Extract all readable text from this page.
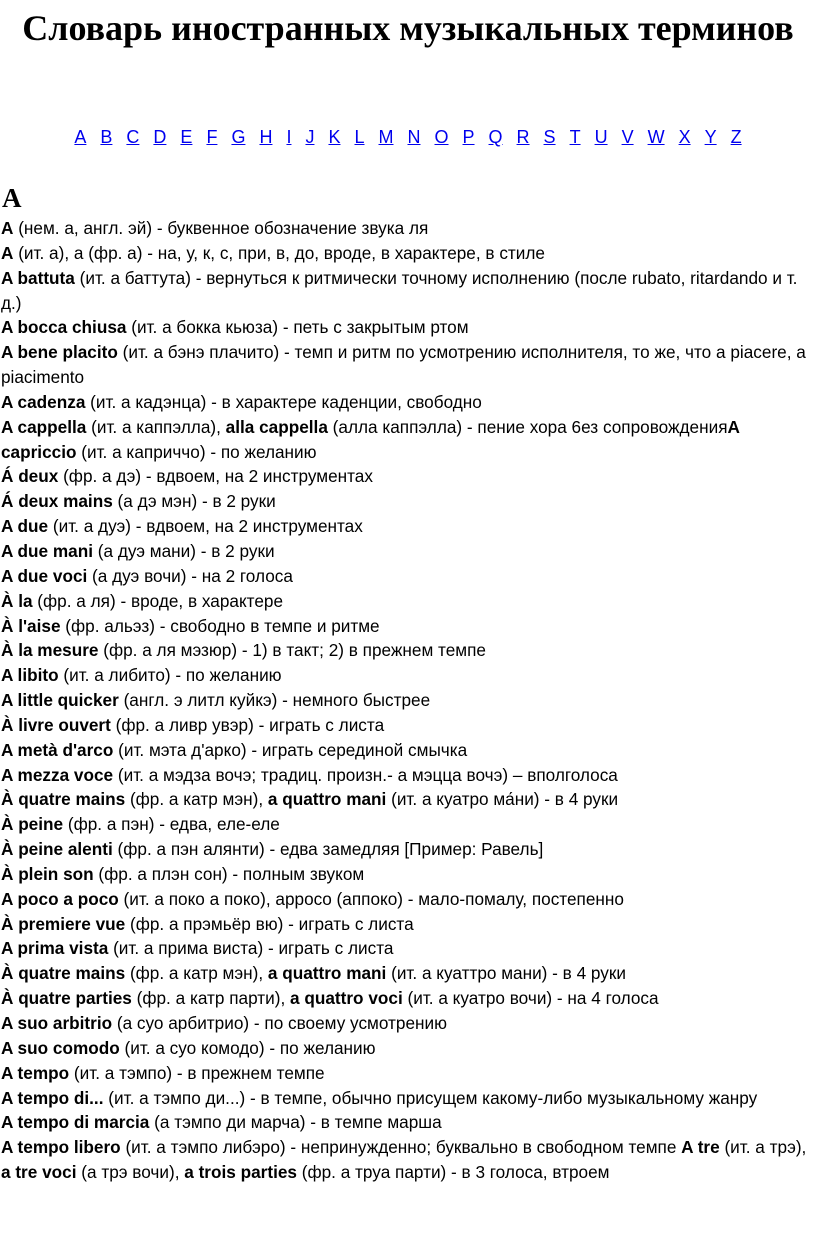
Словарь иностранных музыкальных терминов
A B C D E F G H I J K L M N O P Q R S T U V W X Y Z
A
A (нем. а, англ. эй) - буквенное обозначение звука ля
A (ит. а), а (фр. а) - на, у, к, с, при, в, до, вроде, в характере, в стиле
A battuta (ит. а баттута) - вернуться к ритмически точному исполнению (после rubato, ritardando и т. д.)
A bocca chiusa (ит. а бокка кьюза) - петь с закрытым ртом
A bene placito (ит. а бэнэ плачито) - темп и ритм по усмотрению исполнителя, то же, что a piacere, a piacimento
A cadenza (ит. а кадэнца) - в характере каденции, свободно
A cappella (ит. а каппэлла), alla cappella (алла каппэлла) - пение хора 6ез сопровожденияA capriccio (ит. а каприччо) - по желанию
Á deux (фр. а дэ) - вдвоем, на 2 инструментах
Á deux mains (а дэ мэн) - в 2 руки
A due (ит. а дуэ) - вдвоем, на 2 инструментах
A due mani (а дуэ мани) - в 2 руки
A due voci (а дуэ вочи) - на 2 голоса
À la (фр. а ля) - вроде, в характере
À l'aise (фр. альэз) - свободно в темпе и ритме
À la mesure (фр. а ля мэзюр) - 1) в такт; 2) в прежнем темпе
A libito (ит. а либито) - по желанию
A little quicker (англ. э литл куйкэ) - немного быстрее
À livre ouvert (фр. а ливр увэр) - играть с листа
A metà d'arco (ит. мэта д'арко) - играть серединой смычка
A mezza voce (ит. а мэдза вочэ; традиц. произн.- а мэцца вочэ) – вполголоса
À quatre mains (фр. а катр мэн), a quattro mani (ит. а куатро ма́ни) - в 4 руки
À peine (фр. а пэн) - едва, еле-еле
À peine alenti (фр. а пэн алянти) - едва замедляя [Пример: Равель]
À plein son (фр. а плэн сон) - полным звуком
A poco a poco (ит. а поко а поко), appoco (аппоко) - мало-помалу, постепенно
À premiere vue (фр. а прэмьёр вю) - играть с листа
A prima vista (ит. а прима виста) - играть с листа
À quatre mains (фр. а катр мэн), a quattro mani (ит. а куаттро мани) - в 4 руки
À quatre parties (фр. а катр парти), a quattro voci (ит. а куатро вочи) - на 4 голоса
A suo arbitrio (а суо арбитрио) - по своему усмотрению
A suo comodo (ит. а суо комодо) - по желанию
A tempo (ит. а тэмпо) - в прежнем темпе
A tempo di... (ит. а тэмпо ди...) - в темпе, обычно присущем какому-либо музыкальному жанру
A tempo di marcia (а тэмпо ди марча) - в темпе марша
A tempo libero (ит. а тэмпо либэро) - непринужденно; буквально в свободном темпе A tre (ит. а трэ), a tre voci (а трэ вочи), a trois parties (фр. а труа парти) - в 3 голоса, втроем
